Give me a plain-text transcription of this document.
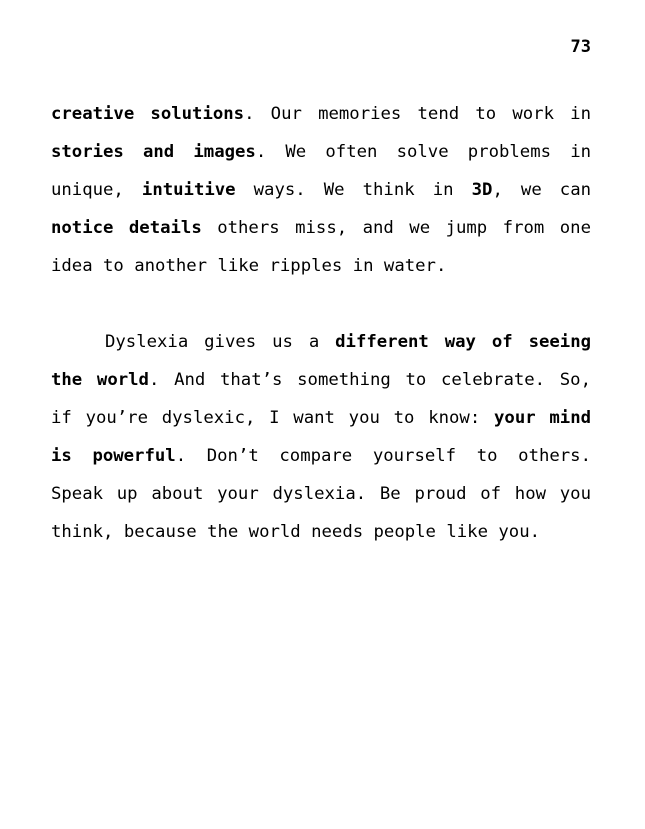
73
creative solutions. Our memories tend to work in
stories and images. We often solve problems in
unique, intuitive ways. We think in 3D, we can
notice details others miss, and we jump from one
idea to another like ripples in water.
Dyslexia gives us a different way of seeing
the world. And that’s something to celebrate. So,
if you’re dyslexic, I want you to know: your mind
is powerful. Don’t compare yourself to others.
Speak up about your dyslexia. Be proud of how you
think, because the world needs people like you.
